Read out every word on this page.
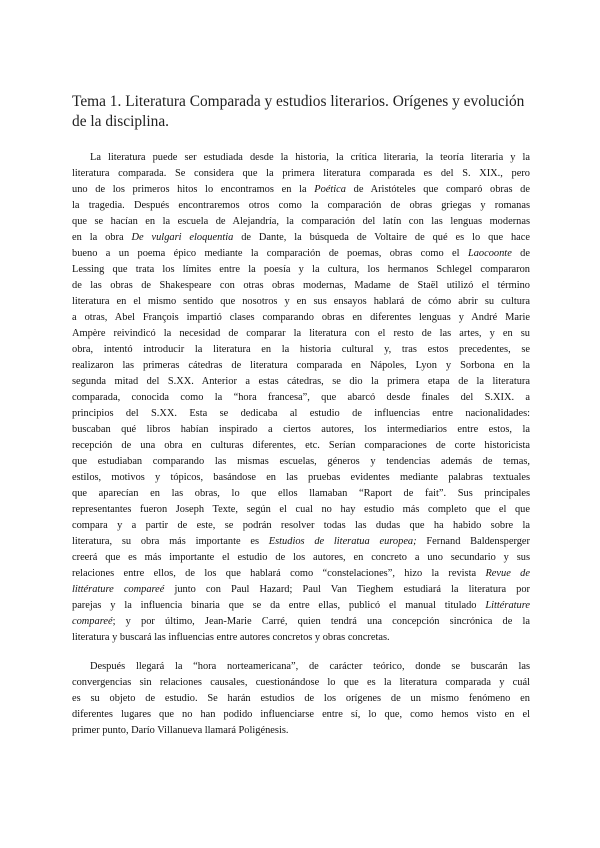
Tema 1. Literatura Comparada y estudios literarios. Orígenes y evolución de la disciplina.
La literatura puede ser estudiada desde la historia, la crítica literaria, la teoría literaria y la
literatura comparada. Se considera que la primera literatura comparada es del S. XIX., pero
uno de los primeros hitos lo encontramos en la Poética de Aristóteles que comparó obras de
la tragedia. Después encontraremos otros como la comparación de obras griegas y romanas
que se hacían en la escuela de Alejandría, la comparación del latín con las lenguas modernas
en la obra De vulgari eloquentia de Dante, la búsqueda de Voltaire de qué es lo que hace
bueno a un poema épico mediante la comparación de poemas, obras como el Laocoonte de
Lessing que trata los límites entre la poesía y la cultura, los hermanos Schlegel compararon
de las obras de Shakespeare con otras obras modernas, Madame de Staël utilizó el término
literatura en el mismo sentido que nosotros y en sus ensayos hablará de cómo abrir su cultura
a otras, Abel François impartió clases comparando obras en diferentes lenguas y André Marie
Ampère reivindicó la necesidad de comparar la literatura con el resto de las artes, y en su
obra, intentó introducir la literatura en la historia cultural y, tras estos precedentes, se
realizaron las primeras cátedras de literatura comparada en Nápoles, Lyon y Sorbona en la
segunda mitad del S.XX. Anterior a estas cátedras, se dio la primera etapa de la literatura
comparada, conocida como la “hora francesa”, que abarcó desde finales del S.XIX. a
principios del S.XX. Esta se dedicaba al estudio de influencias entre nacionalidades:
buscaban qué libros habían inspirado a ciertos autores, los intermediarios entre estos, la
recepción de una obra en culturas diferentes, etc. Serían comparaciones de corte historicista
que estudiaban comparando las mismas escuelas, géneros y tendencias además de temas,
estilos, motivos y tópicos, basándose en las pruebas evidentes mediante palabras textuales
que aparecían en las obras, lo que ellos llamaban “Raport de fait”. Sus principales
representantes fueron Joseph Texte, según el cual no hay estudio más completo que el que
compara y a partir de este, se podrán resolver todas las dudas que ha habido sobre la
literatura, su obra más importante es Estudios de literatua europea; Fernand Baldensperger
creerá que es más importante el estudio de los autores, en concreto a uno secundario y sus
relaciones entre ellos, de los que hablará como “constelaciones”, hizo la revista Revue de
littérature compareé junto con Paul Hazard; Paul Van Tieghem estudiará la literatura por
parejas y la influencia binaria que se da entre ellas, publicó el manual titulado Littérature
compareé; y por último, Jean-Marie Carré, quien tendrá una concepción sincrónica de la
literatura y buscará las influencias entre autores concretos y obras concretas.
Después llegará la “hora norteamericana”, de carácter teórico, donde se buscarán las
convergencias sin relaciones causales, cuestionándose lo que es la literatura comparada y cuál
es su objeto de estudio. Se harán estudios de los orígenes de un mismo fenómeno en
diferentes lugares que no han podido influenciarse entre sí, lo que, como hemos visto en el
primer punto, Darío Villanueva llamará Poligénesis.
